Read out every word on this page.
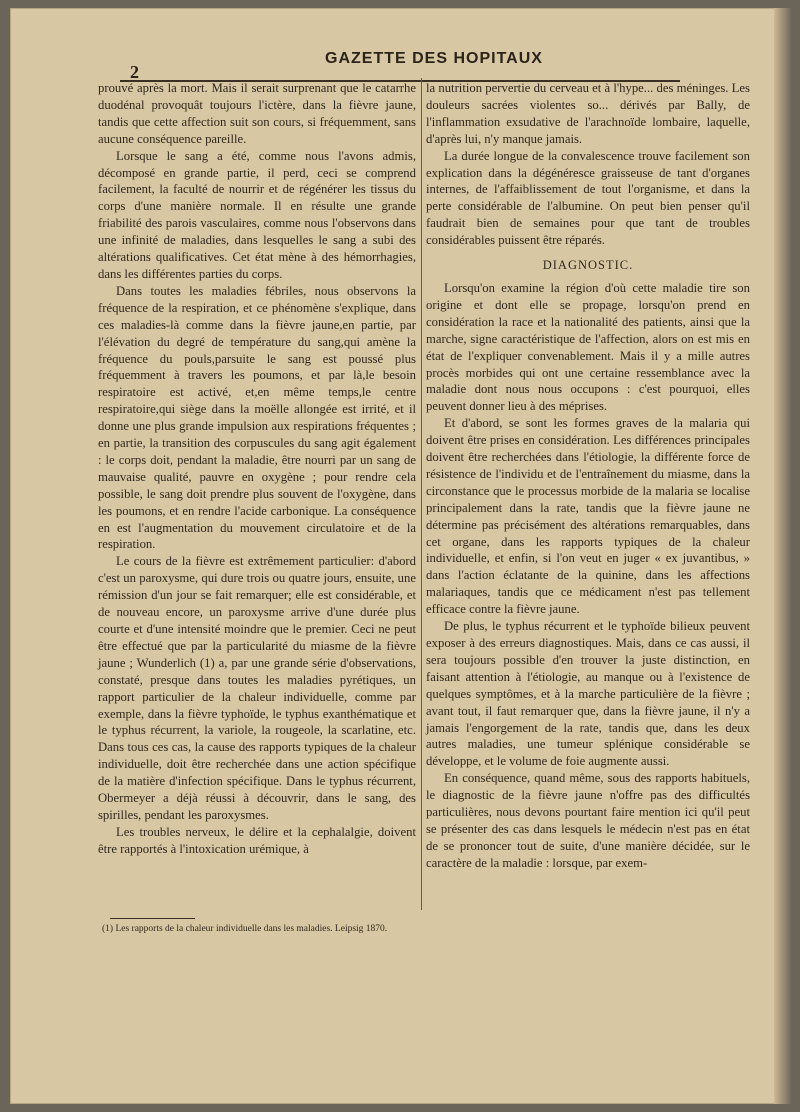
2
GAZETTE DES HOPITAUX

prouvé après la mort. Mais il serait surprenant que le catarrhe duodénal provoquât toujours l'ictère, dans la fièvre jaune, tandis que cette affection suit son cours, si fréquemment, sans aucune conséquence pareille.

Lorsque le sang a été, comme nous l'avons admis, décomposé en grande partie, il perd, ceci se comprend facilement, la faculté de nourrir et de régénérer les tissus du corps d'une manière normale. Il en résulte une grande friabilité des parois vasculaires, comme nous l'observons dans une infinité de maladies, dans lesquelles le sang a subi des altérations qualificatives. Cet état mène à des hémorrhagies, dans les différentes parties du corps.

Dans toutes les maladies fébriles, nous observons la fréquence de la respiration, et ce phénomène s'explique, dans ces maladies-là comme dans la fièvre jaune,en partie, par l'élévation du degré de température du sang,qui amène la fréquence du pouls,parsuite le sang est poussé plus fréquemment à travers les poumons, et par là,le besoin respiratoire est activé, et,en même temps,le centre respiratoire,qui siège dans la moëlle allongée est irrité, et il donne une plus grande impulsion aux respirations fréquentes ; en partie, la transition des corpuscules du sang agit également : le corps doit, pendant la maladie, être nourri par un sang de mauvaise qualité, pauvre en oxygène ; pour rendre cela possible, le sang doit prendre plus souvent de l'oxygène, dans les poumons, et en rendre l'acide carbonique. La conséquence en est l'augmentation du mouvement circulatoire et de la respiration.

Le cours de la fièvre est extrêmement particulier: d'abord c'est un paroxysme, qui dure trois ou quatre jours, ensuite, une rémission d'un jour se fait remarquer; elle est considérable, et de nouveau encore, un paroxysme arrive d'une durée plus courte et d'une intensité moindre que le premier. Ceci ne peut être effectué que par la particularité du miasme de la fièvre jaune ; Wunderlich (1) a, par une grande série d'observations, constaté, presque dans toutes les maladies pyrétiques, un rapport particulier de la chaleur individuelle, comme par exemple, dans la fièvre typhoïde, le typhus exanthématique et le typhus récurrent, la variole, la rougeole, la scarlatine, etc. Dans tous ces cas, la cause des rapports typiques de la chaleur individuelle, doit être recherchée dans une action spécifique de la matière d'infection spécifique. Dans le typhus récurrent, Obermeyer a déjà réussi à découvrir, dans le sang, des spirilles, pendant les paroxysmes.

Les troubles nerveux, le délire et la cephalalgie, doivent être rapportés à l'intoxication urémique, à

la nutrition pervertie du cerveau et à l'hype... des méninges. Les douleurs sacrées violentes so... dérivés par Bally, de l'inflammation exsudative de l'arachnoïde lombaire, laquelle, d'après lui, n'y manque jamais.

La durée longue de la convalescence trouve facilement son explication dans la dégénéresce graisseuse de tant d'organes internes, de l'affaiblissement de tout l'organisme, et dans la perte considérable de l'albumine. On peut bien penser qu'il faudrait bien de semaines pour que tant de troubles considérables puissent être réparés.

DIAGNOSTIC.

Lorsqu'on examine la région d'où cette maladie tire son origine et dont elle se propage, lorsqu'on prend en considération la race et la nationalité des patients, ainsi que la marche, signe caractéristique de l'affection, alors on est mis en état de l'expliquer convenablement. Mais il y a mille autres procès morbides qui ont une certaine ressemblance avec la maladie dont nous nous occupons : c'est pourquoi, elles peuvent donner lieu à des méprises.

Et d'abord, se sont les formes graves de la malaria qui doivent être prises en considération. Les différences principales doivent être recherchées dans l'étiologie, la différente force de résistence de l'individu et de l'entraînement du miasme, dans la circonstance que le processus morbide de la malaria se localise principalement dans la rate, tandis que la fièvre jaune ne détermine pas précisément des altérations remarquables, dans cet organe, dans les rapports typiques de la chaleur individuelle, et enfin, si l'on veut en juger « ex juvantibus, » dans l'action éclatante de la quinine, dans les affections malariaques, tandis que ce médicament n'est pas tellement efficace contre la fièvre jaune.

De plus, le typhus récurrent et le typhoïde bilieux peuvent exposer à des erreurs diagnostiques. Mais, dans ce cas aussi, il sera toujours possible d'en trouver la juste distinction, en faisant attention à l'étiologie, au manque ou à l'existence de quelques symptômes, et à la marche particulière de la fièvre ; avant tout, il faut remarquer que, dans la fièvre jaune, il n'y a jamais l'engorgement de la rate, tandis que, dans les deux autres maladies, une tumeur splénique considérable se développe, et le volume de foie augmente aussi.

En conséquence, quand même, sous des rapports habituels, le diagnostic de la fièvre jaune n'offre pas des difficultés particulières, nous devons pourtant faire mention ici qu'il peut se présenter des cas dans lesquels le médecin n'est pas en état de se prononcer tout de suite, d'une manière décidée, sur le caractère de la maladie : lorsque, par exem-

(1) Les rapports de la chaleur individuelle dans les maladies. Leipsig 1870.
